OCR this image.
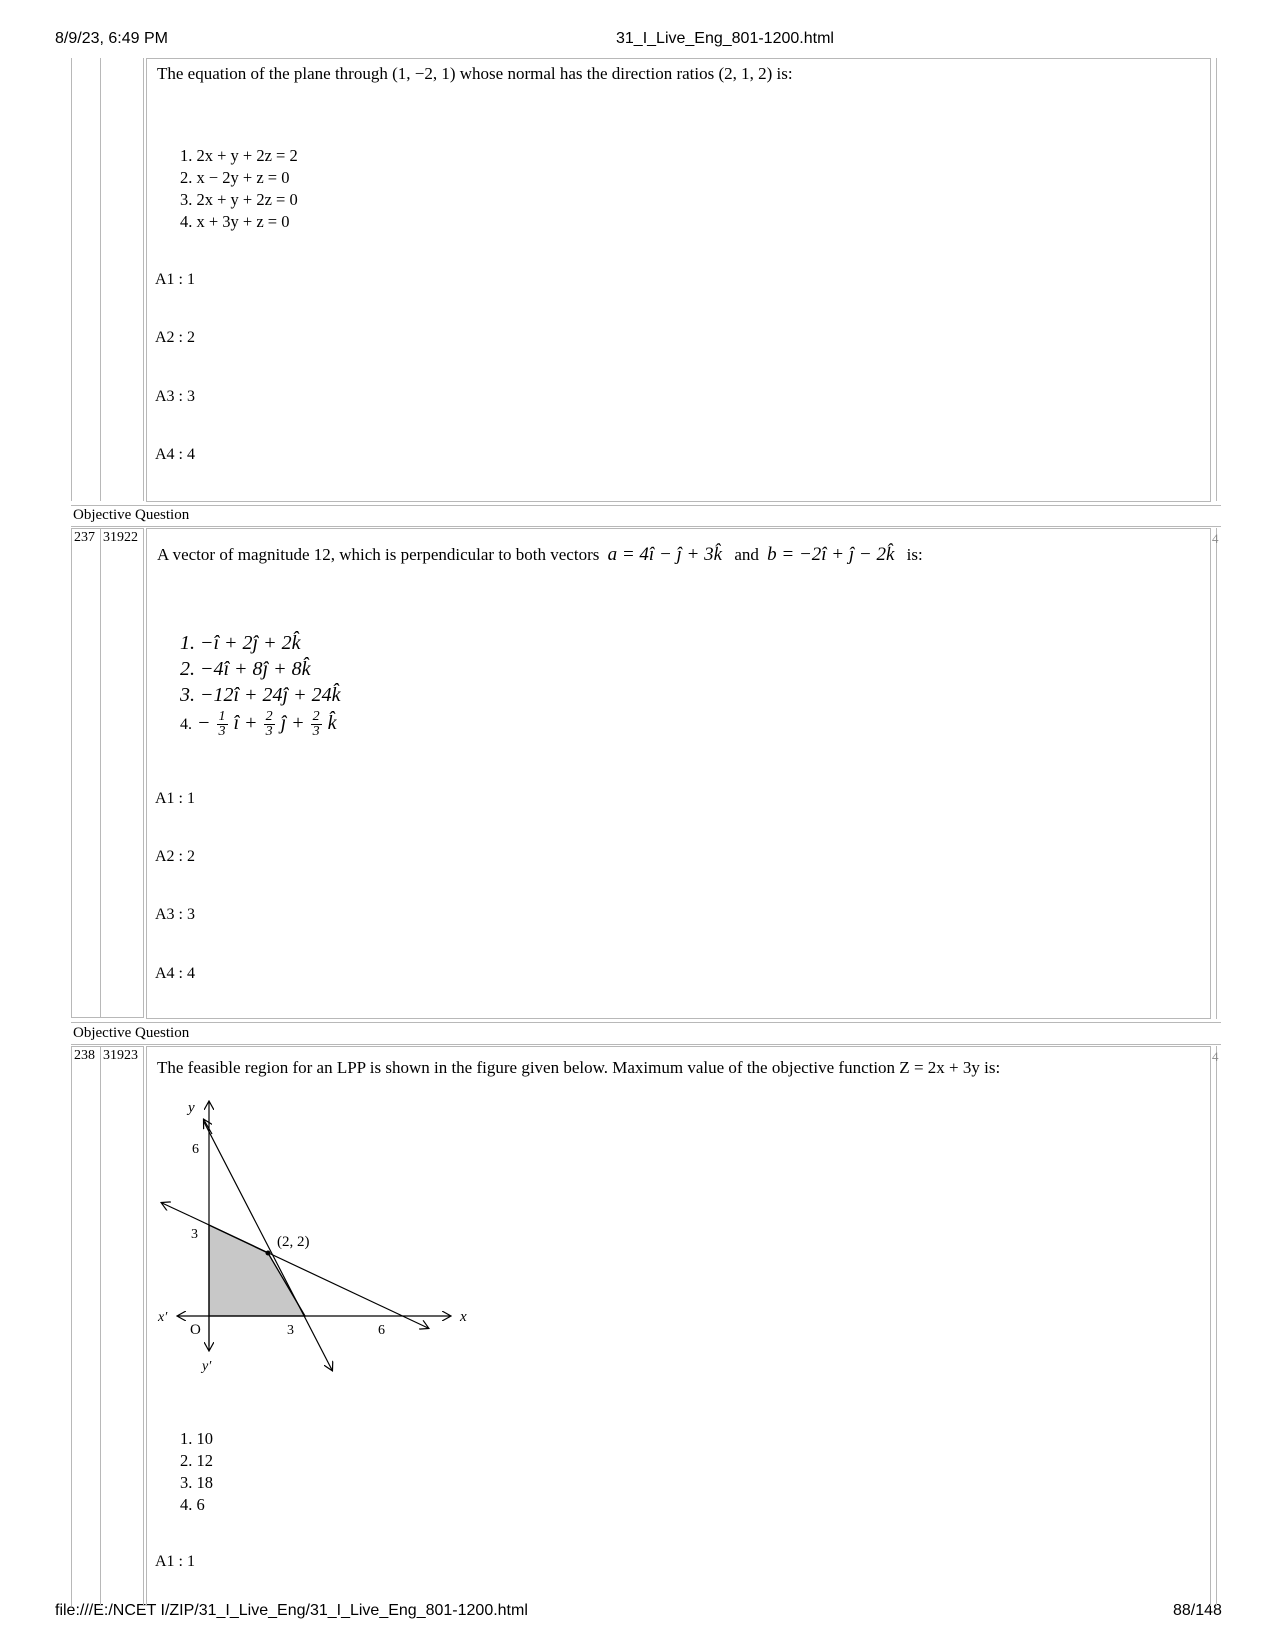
8/9/23, 6:49 PM	31_I_Live_Eng_801-1200.html
file:///E:/NCET I/ZIP/31_I_Live_Eng/31_I_Live_Eng_801-1200.html	88/148
The equation of the plane through (1, −2, 1) whose normal has the direction ratios (2, 1, 2) is:
1. 2x + y + 2z = 2
2. x − 2y + z = 0
3. 2x + y + 2z = 0
4. x + 3y + z = 0
A1 : 1
A2 : 2
A3 : 3
A4 : 4
Objective Question
237 31922	4
A vector of magnitude 12, which is perpendicular to both vectors a = 4î − ĵ + 3k̂ and b = −2î + ĵ − 2k̂ is:
1. −î + 2ĵ + 2k̂
2. −4î + 8ĵ + 8k̂
3. −12î + 24ĵ + 24k̂
4. − $\frac{1}{3}$ î + $\frac{2}{3}$ ĵ + $\frac{2}{3}$ k̂
A1 : 1
A2 : 2
A3 : 3
A4 : 4
Objective Question
238 31923	4
The feasible region for an LPP is shown in the figure given below. Maximum value of the objective function Z = 2x + 3y is:
y
6
3	(2, 2)
x′
O	3	6
x
y′
1. 10
2. 12
3. 18
4. 6
A1 : 1
